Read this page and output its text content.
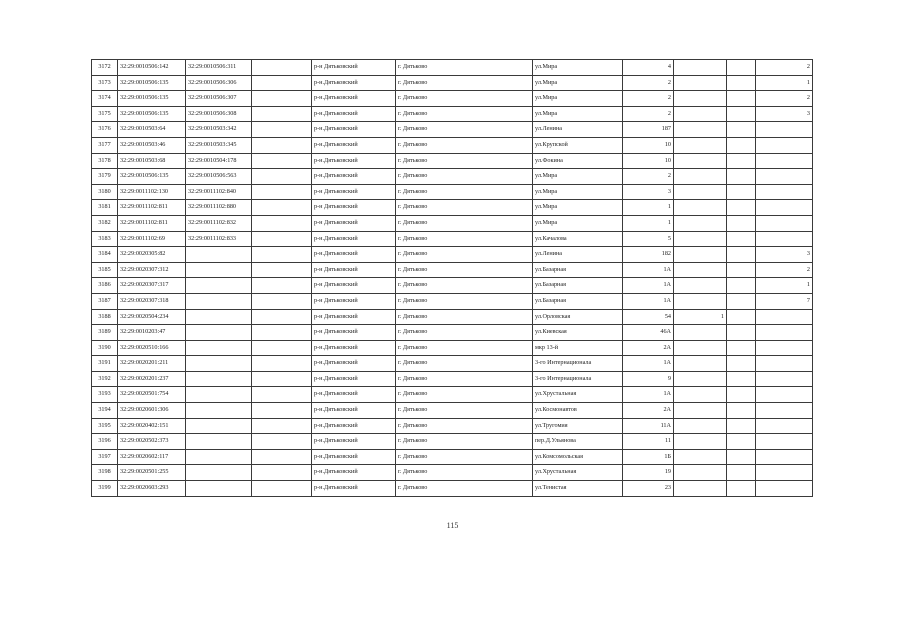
3172	32:29:0010506:142	32:29:0010506:311		р-н Дятьковский	г. Дятьково	ул.Мира	4			2
3173	32:29:0010506:135	32:29:0010506:306		р-н.Дятьковский	г. Дятьково	ул.Мира	2			1
3174	32:29:0010506:135	32:29:0010506:307		р-н.Дятьковский	г. Дятьково	ул.Мира	2			2
3175	32:29:0010506:135	32:29:0010506:308		р-н.Дятьковский	г. Дятьково	ул.Мира	2			3
3176	32:29:0010503:64	32:29:0010503:342		р-н.Дятьковский	г. Дятьково	ул.Ленина	187			
3177	32:29:0010503:46	32:29:0010503:345		р-н.Дятьковский	г. Дятьково	ул.Крупской	10			
3178	32:29:0010503:68	32:29:0010504:178		р-н.Дятьковский	г. Дятьково	ул.Фокина	10			
3179	32:29:0010506:135	32:29:0010506:563		р-н.Дятьковский	г. Дятьково	ул.Мира	2			
3180	32:29:0011102:130	32:29:0011102:840		р-н Дятьковский	г. Дятьково	ул.Мира	3			
3181	32:29:0011102:811	32:29:0011102:880		р-н Дятьковский	г. Дятьково	ул.Мира	1			
3182	32:29:0011102:811	32:29:0011102:832		р-н Дятьковский	г. Дятьково	ул.Мира	1			
3183	32:29:0011102:69	32:29:0011102:833		р-н.Дятьковский	г. Дятьково	ул.Качалова	5			
3184	32:29:0020305:82			р-н.Дятьковский	г. Дятьково	ул.Ленина	182			3
3185	32:29:0020307:312			р-н Дятьковский	г. Дятьково	ул.Базарная	1А			2
3186	32:29:0020307:317			р-н Дятьковский	г. Дятьково	ул.Базарная	1А			1
3187	32:29:0020307:318			р-н Дятьковский	г. Дятьково	ул.Базарная	1А			7
3188	32:29:0020504:234			р-н Дятьковский	г. Дятьково	ул.Орловская	54	1		
3189	32:29:0010203:47			р-н Дятьковский	г. Дятьково	ул.Киевская	46А			
3190	32:29:0020510:166			р-н.Дятьковский	г. Дятьково	мкр 13-й	2А			
3191	32:29:0020201:211			р-н.Дятьковский	г. Дятьково	3-го Интернационала	1А			
3192	32:29:0020201:237			р-н.Дятьковский	г. Дятьково	3-го Интернационала	9			
3193	32:29:0020501:754			р-н.Дятьковский	г. Дятьково	ул.Хрустальная	1А			
3194	32:29:0020601:306			р-н.Дятьковский	г. Дятьково	ул.Космонавтов	2А			
3195	32:29:0020402:151			р-н.Дятьковский	г. Дятьково	ул.Тругомия	11А			
3196	32:29:0020502:373			р-н.Дятьковский	г. Дятьково	пер.Д.Ульянова	11			
3197	32:29:0020602:117			р-н.Дятьковский	г. Дятьково	ул.Комсомольская	1Б			
3198	32:29:0020501:255			р-н.Дятьковский	г. Дятьково	ул.Хрустальная	19			
3199	32:29:0020603:293			р-н.Дятьковский	г. Дятьково	ул.Тенистая	23			
115
